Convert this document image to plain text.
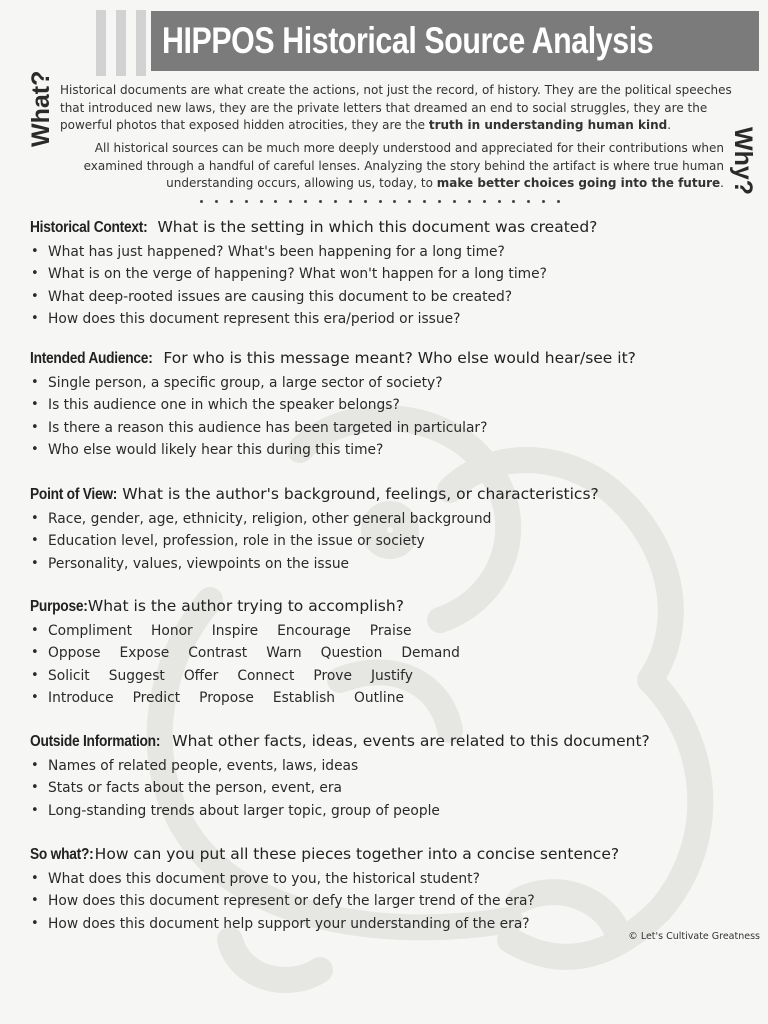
HIPPOS Historical Source Analysis
What?
Why?
Historical documents are what create the actions, not just the record, of history. They are the political speeches that introduced new laws, they are the private letters that dreamed an end to social struggles, they are the powerful photos that exposed hidden atrocities, they are the truth in understanding human kind.
All historical sources can be much more deeply understood and appreciated for their contributions when examined through a handful of careful lenses. Analyzing the story behind the artifact is where true human understanding occurs, allowing us, today, to make better choices going into the future.
Historical Context: What is the setting in which this document was created?
• What has just happened? What's been happening for a long time?
• What is on the verge of happening? What won't happen for a long time?
• What deep-rooted issues are causing this document to be created?
• How does this document represent this era/period or issue?
Intended Audience: For who is this message meant? Who else would hear/see it?
• Single person, a specific group, a large sector of society?
• Is this audience one in which the speaker belongs?
• Is there a reason this audience has been targeted in particular?
• Who else would likely hear this during this time?
Point of View: What is the author's background, feelings, or characteristics?
• Race, gender, age, ethnicity, religion, other general background
• Education level, profession, role in the issue or society
• Personality, values, viewpoints on the issue
Purpose: What is the author trying to accomplish?
• Compliment Honor Inspire Encourage Praise
• Oppose Expose Contrast Warn Question Demand
• Solicit Suggest Offer Connect Prove Justify
• Introduce Predict Propose Establish Outline
Outside Information: What other facts, ideas, events are related to this document?
• Names of related people, events, laws, ideas
• Stats or facts about the person, event, era
• Long-standing trends about larger topic, group of people
So what?: How can you put all these pieces together into a concise sentence?
• What does this document prove to you, the historical student?
• How does this document represent or defy the larger trend of the era?
• How does this document help support your understanding of the era?
© Let's Cultivate Greatness
